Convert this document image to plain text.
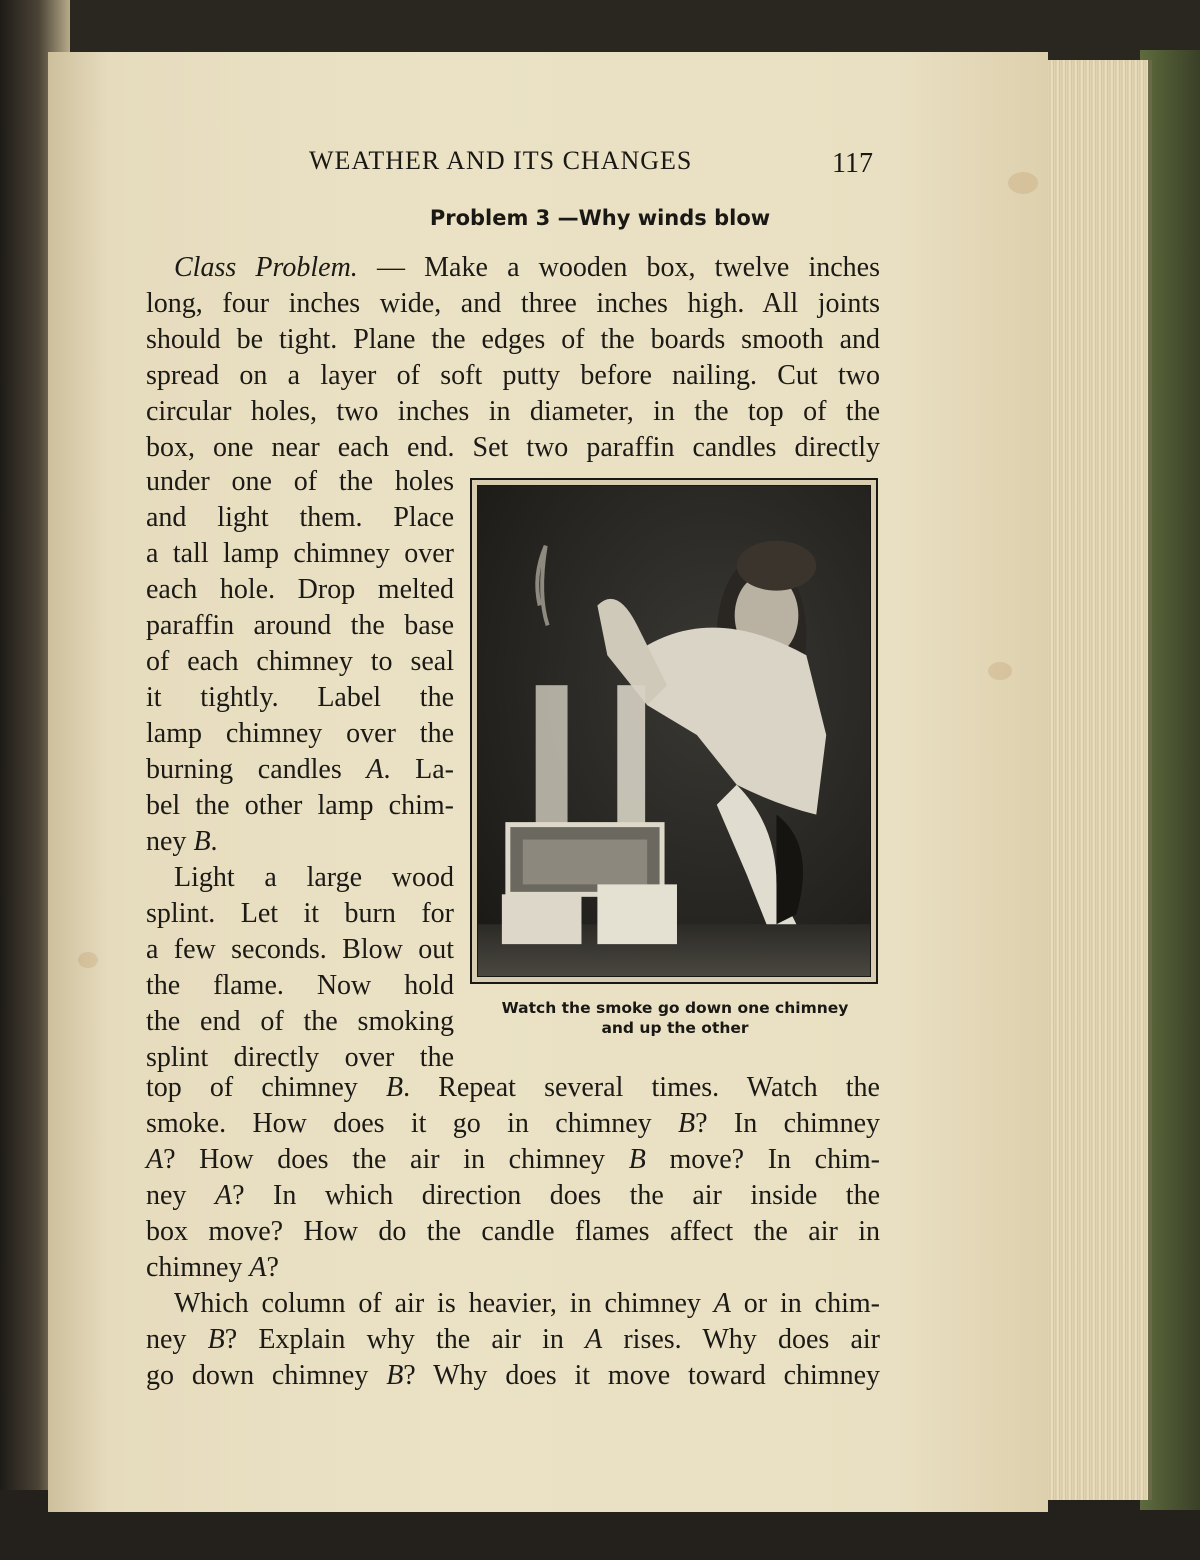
WEATHER AND ITS CHANGES	117
Problem 3 —Why winds blow
Class Problem. — Make a wooden box, twelve inches
long, four inches wide, and three inches high. All joints
should be tight. Plane the edges of the boards smooth and
spread on a layer of soft putty before nailing. Cut two
circular holes, two inches in diameter, in the top of the
box, one near each end. Set two paraffin candles directly
under one of the holes
and light them. Place
a tall lamp chimney over
each hole. Drop melted
paraffin around the base
of each chimney to seal
it tightly. Label the
lamp chimney over the
burning candles A. La-
bel the other lamp chim-
ney B.
Light a large wood
splint. Let it burn for
a few seconds. Blow out
the flame. Now hold
the end of the smoking
splint directly over the
Watch the smoke go down one chimney
and up the other
top of chimney B. Repeat several times. Watch the
smoke. How does it go in chimney B? In chimney
A? How does the air in chimney B move? In chim-
ney A? In which direction does the air inside the
box move? How do the candle flames affect the air in
chimney A?
Which column of air is heavier, in chimney A or in chim-
ney B? Explain why the air in A rises. Why does air
go down chimney B? Why does it move toward chimney
